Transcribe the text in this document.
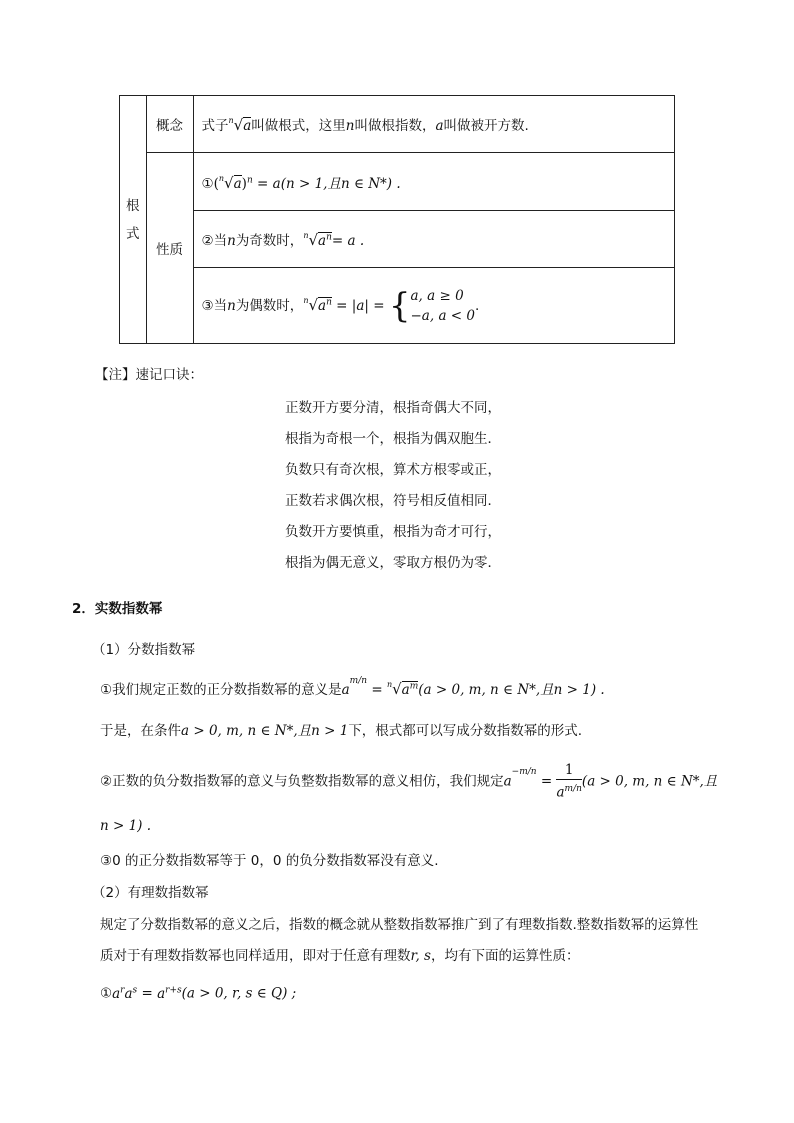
根
式	概念	式子$^n$√a叫做根式，这里n叫做根指数，a叫做被开方数.
	性质	$①(^n√a)^n = a(n > 1$,且n ∈ N*) .
		②当n为奇数时，$^n√a^n= a$ .
		③当n为偶数时，$^n√a^n = |a| = \{a$, a ≥ 0
−a, a < 0.
【注】速记口诀：
正数开方要分清，根指奇偶大不同，
根指为奇根一个，根指为偶双胞生．
负数只有奇次根，算术方根零或正，
正数若求偶次根，符号相反值相同．
负数开方要慎重，根指为奇才可行，
根指为偶无意义，零取方根仍为零．
2．实数指数幂
（1）分数指数幂
①我们规定正数的正分数指数幂的意义是$a^{m/n} = ^n√a^m(a > 0$, m, n ∈ N*,且n > 1) .
于是，在条件a > 0, m, n ∈ N*,且n > 1下，根式都可以写成分数指数幂的形式.
②正数的负分数指数幂的意义与负整数指数幂的意义相仿，我们规定$a^{-m/n} = \frac{1}{a^{m/n}} (a > 0$, m, n ∈ N*,且
n > 1) .
③0 的正分数指数幂等于 0，0 的负分数指数幂没有意义.
（2）有理数指数幂
规定了分数指数幂的意义之后，指数的概念就从整数指数幂推广到了有理数指数.整数指数幂的运算性
质对于有理数指数幂也同样适用，即对于任意有理数r, s，均有下面的运算性质：
$①a^ra^s = a^{r+s}(a > 0$, r, s ∈ Q) ;
